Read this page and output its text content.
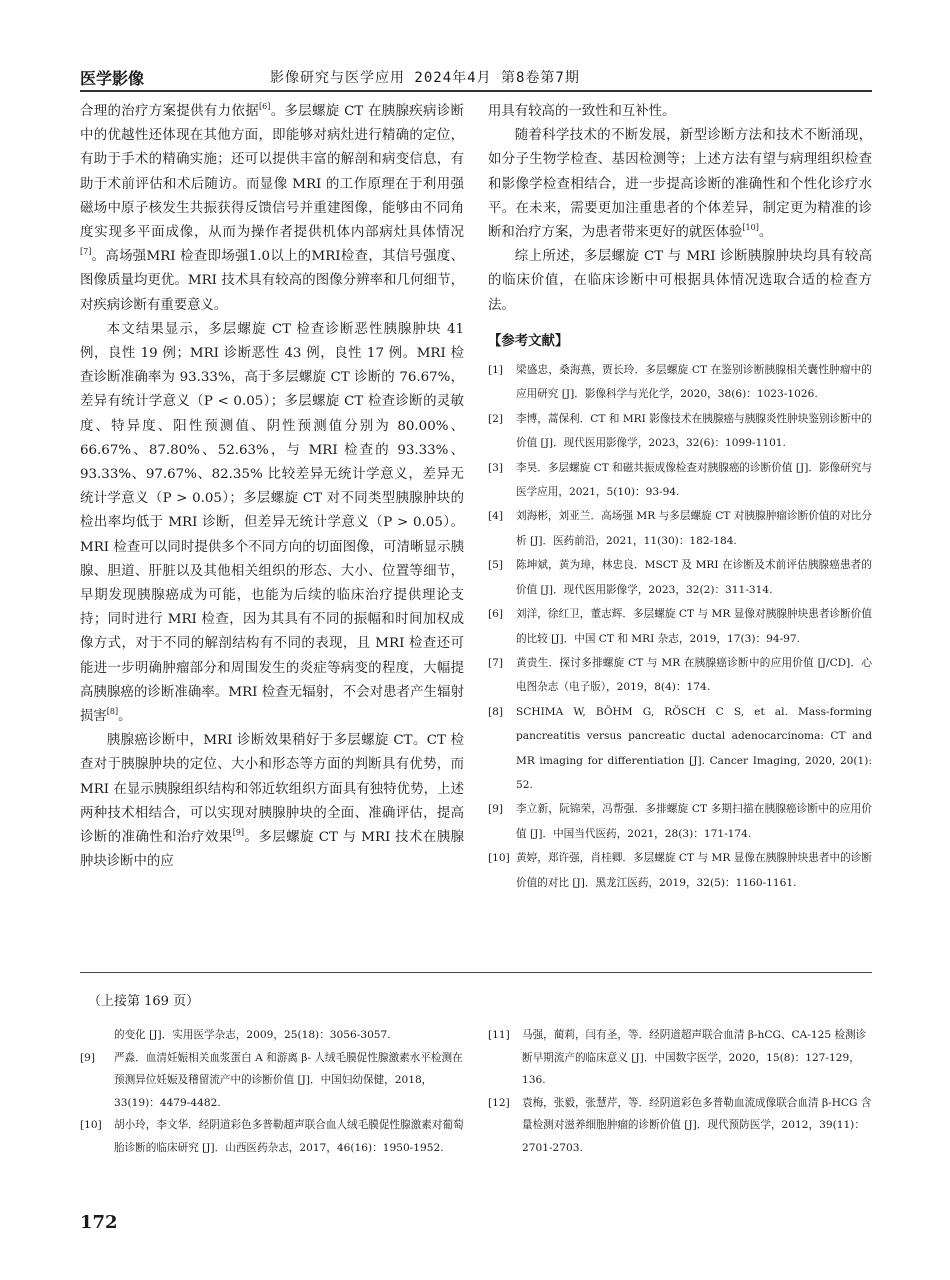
医学影像	影像研究与医学应用 2024年4月 第8卷第7期

合理的治疗方案提供有力依据[6]。多层螺旋 CT 在胰腺疾病诊断中的优越性还体现在其他方面，即能够对病灶进行精确的定位，有助于手术的精确实施；还可以提供丰富的解剖和病变信息，有助于术前评估和术后随访。而显像 MRI 的工作原理在于利用强磁场中原子核发生共振获得反馈信号并重建图像，能够由不同角度实现多平面成像，从而为操作者提供机体内部病灶具体情况[7]。高场强MRI 检查即场强1.0以上的MRI检查，其信号强度、图像质量均更优。MRI 技术具有较高的图像分辨率和几何细节，对疾病诊断有重要意义。

本文结果显示，多层螺旋 CT 检查诊断恶性胰腺肿块 41 例，良性 19 例；MRI 诊断恶性 43 例，良性 17 例。MRI 检查诊断准确率为 93.33%，高于多层螺旋 CT 诊断的 76.67%，差异有统计学意义（P < 0.05）；多层螺旋 CT 检查诊断的灵敏度、特异度、阳性预测值、阴性预测值分别为 80.00%、66.67%、87.80%、52.63%，与 MRI 检查的 93.33%、93.33%、97.67%、82.35% 比较差异无统计学意义，差异无统计学意义（P > 0.05）；多层螺旋 CT 对不同类型胰腺肿块的检出率均低于 MRI 诊断，但差异无统计学意义（P > 0.05）。MRI 检查可以同时提供多个不同方向的切面图像，可清晰显示胰腺、胆道、肝脏以及其他相关组织的形态、大小、位置等细节，早期发现胰腺癌成为可能，也能为后续的临床治疗提供理论支持；同时进行 MRI 检查，因为其具有不同的振幅和时间加权成像方式，对于不同的解剖结构有不同的表现，且 MRI 检查还可能进一步明确肿瘤部分和周围发生的炎症等病变的程度，大幅提高胰腺癌的诊断准确率。MRI 检查无辐射，不会对患者产生辐射损害[8]。

胰腺癌诊断中，MRI 诊断效果稍好于多层螺旋 CT。CT 检查对于胰腺肿块的定位、大小和形态等方面的判断具有优势，而 MRI 在显示胰腺组织结构和邻近软组织方面具有独特优势，上述两种技术相结合，可以实现对胰腺肿块的全面、准确评估，提高诊断的准确性和治疗效果[9]。多层螺旋 CT 与 MRI 技术在胰腺肿块诊断中的应

用具有较高的一致性和互补性。

随着科学技术的不断发展，新型诊断方法和技术不断涌现，如分子生物学检查、基因检测等；上述方法有望与病理组织检查和影像学检查相结合，进一步提高诊断的准确性和个性化诊疗水平。在未来，需要更加注重患者的个体差异，制定更为精准的诊断和治疗方案，为患者带来更好的就医体验[10]。

综上所述，多层螺旋 CT 与 MRI 诊断胰腺肿块均具有较高的临床价值，在临床诊断中可根据具体情况选取合适的检查方法。

【参考文献】
[1] 梁盛忠，桑海燕，贾长玲．多层螺旋 CT 在鉴别诊断胰腺相关囊性肿瘤中的应用研究 [J]．影像科学与光化学，2020，38(6)：1023-1026.
[2] 李博，蒿保利．CT 和 MRI 影像技术在胰腺癌与胰腺炎性肿块鉴别诊断中的价值 [J]．现代医用影像学，2023，32(6)：1099-1101.
[3] 李昊．多层螺旋 CT 和磁共振成像检查对胰腺癌的诊断价值 [J]．影像研究与医学应用，2021，5(10)：93-94.
[4] 刘海彬，刘亚兰．高场强 MR 与多层螺旋 CT 对胰腺肿瘤诊断价值的对比分析 [J]．医药前沿，2021，11(30)：182-184.
[5] 陈坤斌，黄为璋，林忠良．MSCT 及 MRI 在诊断及术前评估胰腺癌患者的价值 [J]．现代医用影像学，2023，32(2)：311-314.
[6] 刘洋，徐红卫，董志辉．多层螺旋 CT 与 MR 显像对胰腺肿块患者诊断价值的比较 [J]．中国 CT 和 MRI 杂志，2019，17(3)：94-97.
[7] 黄贵生．探讨多排螺旋 CT 与 MR 在胰腺癌诊断中的应用价值 [J/CD]．心电图杂志（电子版），2019，8(4)：174.
[8] SCHIMA W, BÖHM G, RÖSCH C S, et al. Mass-forming pancreatitis versus pancreatic ductal adenocarcinoma: CT and MR imaging for differentiation [J]. Cancer Imaging, 2020, 20(1): 52.
[9] 李立新，阮锦荣，冯帮强．多排螺旋 CT 多期扫描在胰腺癌诊断中的应用价值 [J]．中国当代医药，2021，28(3)：171-174.
[10] 黄婷，郑许强，肖桂卿．多层螺旋 CT 与 MR 显像在胰腺肿块患者中的诊断价值的对比 [J]．黑龙江医药，2019，32(5)：1160-1161.
（上接第 169 页）
的变化 [J]．实用医学杂志，2009，25(18)：3056-3057.
[9] 严淼．血清妊娠相关血浆蛋白 A 和游离 β- 人绒毛膜促性腺激素水平检测在预测异位妊娠及稽留流产中的诊断价值 [J]．中国妇幼保健，2018，33(19)：4479-4482.
[10] 胡小玲，李文华．经阴道彩色多普勒超声联合血人绒毛膜促性腺激素对葡萄胎诊断的临床研究 [J]．山西医药杂志，2017，46(16)：1950-1952.
[11] 马强，蔺莉，闫有圣，等．经阴道超声联合血清 β-hCG、CA-125 检测诊断早期流产的临床意义 [J]．中国数字医学，2020，15(8)：127-129，136.
[12] 袁梅，张毅，张慧芹，等．经阴道彩色多普勒血流成像联合血清 β-HCG 含量检测对滋养细胞肿瘤的诊断价值 [J]．现代预防医学，2012，39(11)：2701-2703.
172
